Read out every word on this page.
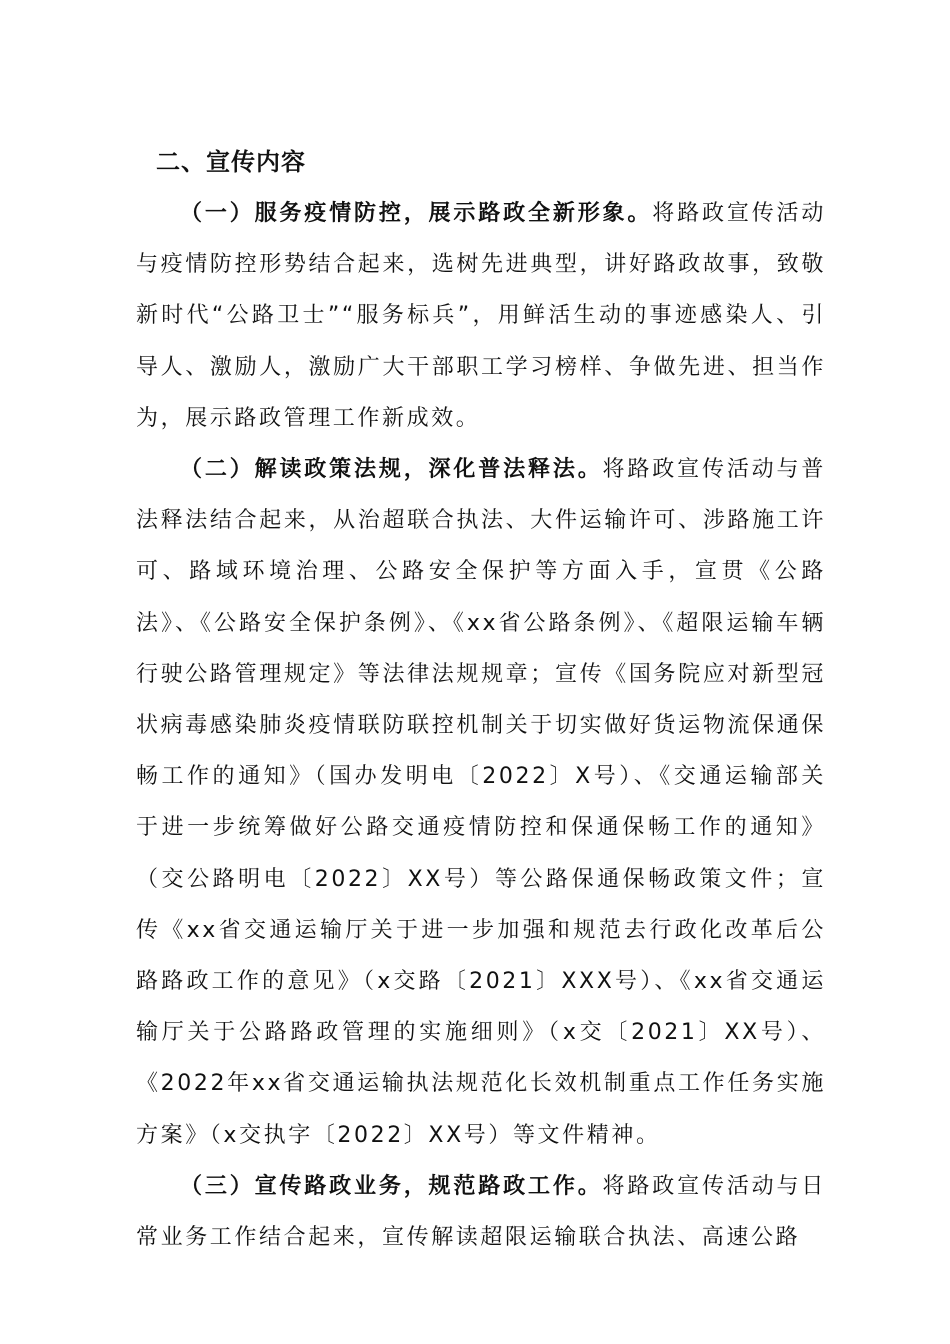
二、宣传内容

（一）服务疫情防控，展示路政全新形象。将路政宣传活动与疫情防控形势结合起来，选树先进典型，讲好路政故事，致敬新时代“公路卫士”“服务标兵”，用鲜活生动的事迹感染人、引导人、激励人，激励广大干部职工学习榜样、争做先进、担当作为，展示路政管理工作新成效。

（二）解读政策法规，深化普法释法。将路政宣传活动与普法释法结合起来，从治超联合执法、大件运输许可、涉路施工许可、路域环境治理、公路安全保护等方面入手，宣贯《公路法》、《公路安全保护条例》、《xx省公路条例》、《超限运输车辆行驶公路管理规定》等法律法规规章；宣传《国务院应对新型冠状病毒感染肺炎疫情联防联控机制关于切实做好货运物流保通保畅工作的通知》（国办发明电〔2022〕X号）、《交通运输部关于进一步统筹做好公路交通疫情防控和保通保畅工作的通知》（交公路明电〔2022〕XX号）等公路保通保畅政策文件；宣传《xx省交通运输厅关于进一步加强和规范去行政化改革后公路路政工作的意见》（x交路〔2021〕XXX号）、《xx省交通运输厅关于公路路政管理的实施细则》（x交〔2021〕XX号）、《2022年xx省交通运输执法规范化长效机制重点工作任务实施方案》（x交执字〔2022〕XX号）等文件精神。

（三）宣传路政业务，规范路政工作。将路政宣传活动与日常业务工作结合起来，宣传解读超限运输联合执法、高速公路
